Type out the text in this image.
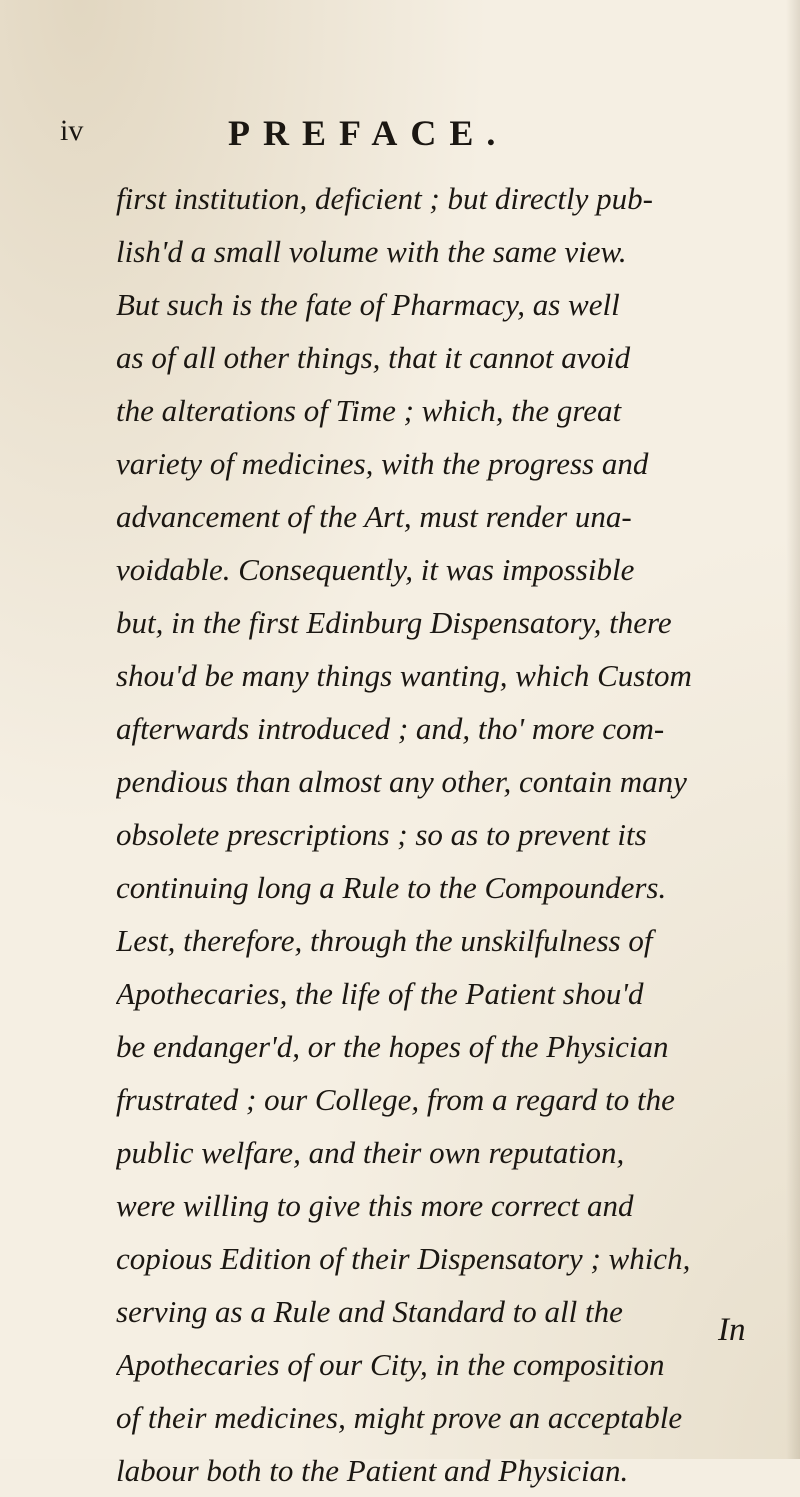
iv	PREFACE.
first institution, deficient ; but directly pub-
lish'd a small volume with the same view.
But such is the fate of Pharmacy, as well
as of all other things, that it cannot avoid
the alterations of Time ; which, the great
variety of medicines, with the progress and
advancement of the Art, must render una-
voidable. Consequently, it was impossible
but, in the first Edinburg Dispensatory, there
shou'd be many things wanting, which Custom
afterwards introduced ; and, tho' more com-
pendious than almost any other, contain many
obsolete prescriptions ; so as to prevent its
continuing long a Rule to the Compounders.
Lest, therefore, through the unskilfulness of
Apothecaries, the life of the Patient shou'd
be endanger'd, or the hopes of the Physician
frustrated ; our College, from a regard to the
public welfare, and their own reputation,
were willing to give this more correct and
copious Edition of their Dispensatory ; which,
serving as a Rule and Standard to all the
Apothecaries of our City, in the composition
of their medicines, might prove an acceptable
labour both to the Patient and Physician.
In
